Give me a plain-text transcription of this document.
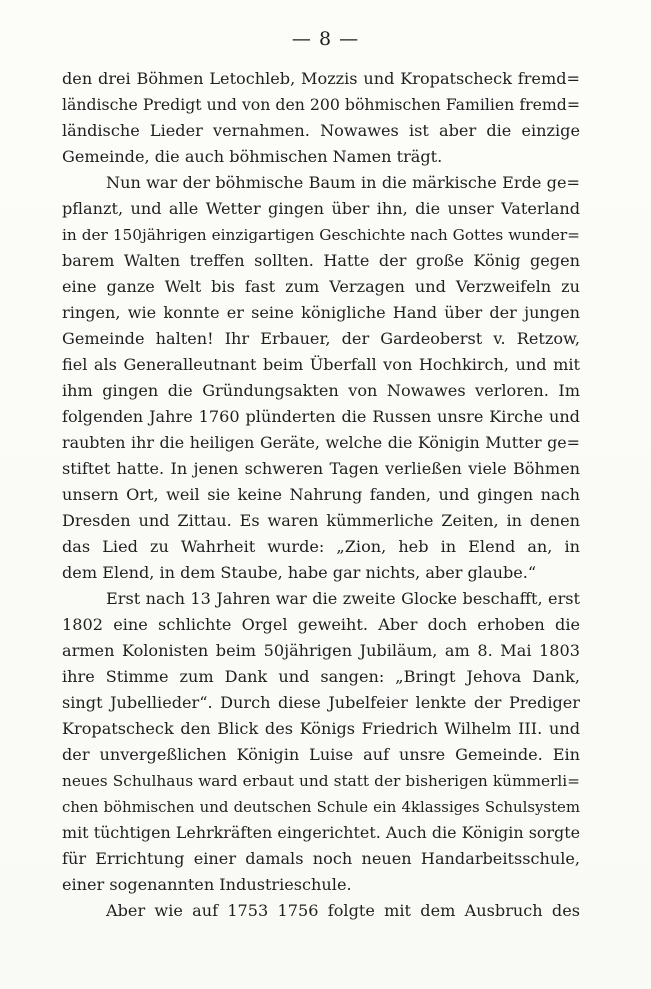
— 8 —
den drei Böhmen Letochleb, Mozzis und Kropatscheck fremd=
ländische Predigt und von den 200 böhmischen Familien fremd=
ländische Lieder vernahmen. Nowawes ist aber die einzige
Gemeinde, die auch böhmischen Namen trägt.
Nun war der böhmische Baum in die märkische Erde ge=
pflanzt, und alle Wetter gingen über ihn, die unser Vaterland
in der 150jährigen einzigartigen Geschichte nach Gottes wunder=
barem Walten treffen sollten. Hatte der große König gegen
eine ganze Welt bis fast zum Verzagen und Verzweifeln zu
ringen, wie konnte er seine königliche Hand über der jungen
Gemeinde halten! Ihr Erbauer, der Gardeoberst v. Retzow,
fiel als Generalleutnant beim Überfall von Hochkirch, und mit
ihm gingen die Gründungsakten von Nowawes verloren. Im
folgenden Jahre 1760 plünderten die Russen unsre Kirche und
raubten ihr die heiligen Geräte, welche die Königin Mutter ge=
stiftet hatte. In jenen schweren Tagen verließen viele Böhmen
unsern Ort, weil sie keine Nahrung fanden, und gingen nach
Dresden und Zittau. Es waren kümmerliche Zeiten, in denen
das Lied zu Wahrheit wurde: „Zion, heb in Elend an, in
dem Elend, in dem Staube, habe gar nichts, aber glaube.“
Erst nach 13 Jahren war die zweite Glocke beschafft, erst
1802 eine schlichte Orgel geweiht. Aber doch erhoben die
armen Kolonisten beim 50jährigen Jubiläum, am 8. Mai 1803
ihre Stimme zum Dank und sangen: „Bringt Jehova Dank,
singt Jubellieder“. Durch diese Jubelfeier lenkte der Prediger
Kropatscheck den Blick des Königs Friedrich Wilhelm III. und
der unvergeßlichen Königin Luise auf unsre Gemeinde. Ein
neues Schulhaus ward erbaut und statt der bisherigen kümmerli=
chen böhmischen und deutschen Schule ein 4klassiges Schulsystem
mit tüchtigen Lehrkräften eingerichtet. Auch die Königin sorgte
für Errichtung einer damals noch neuen Handarbeitsschule,
einer sogenannten Industrieschule.
Aber wie auf 1753 1756 folgte mit dem Ausbruch des
